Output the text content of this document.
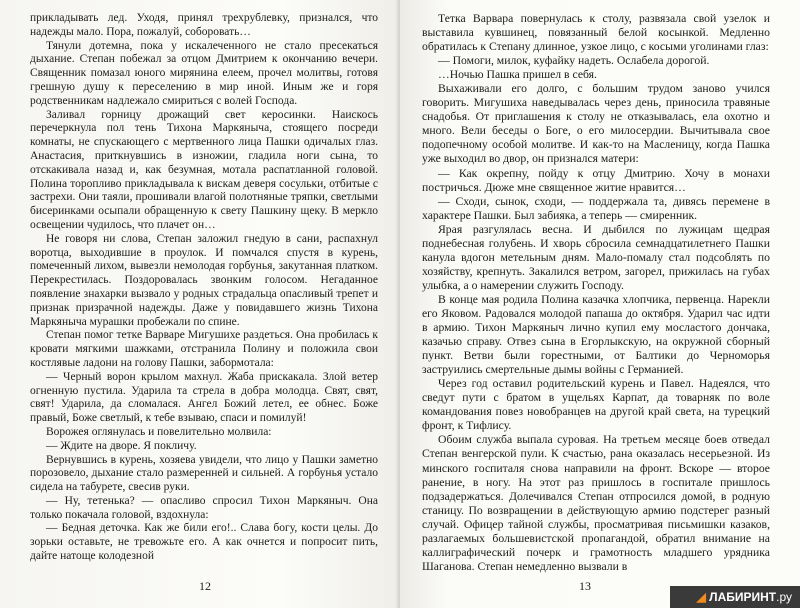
прикладывать лед. Уходя, принял трехрублевку, признался, что надежды мало. Пора, пожалуй, соборовать…

Тянули дотемна, пока у искалеченного не стало пресекаться дыхание. Степан побежал за отцом Дмитрием к окончанию вечери. Священник помазал юного мирянина елеем, прочел молитвы, готовя грешную душу к переселению в мир иной. Иным же и горя родственникам надлежало смириться с волей Господа.

Заливал горницу дрожащий свет керосинки. Наискось перечеркнула пол тень Тихона Маркяныча, стоящего посреди комнаты, не спускающего с мертвенного лица Пашки одичалых глаз. Анастасия, приткнувшись в изножии, гладила ноги сына, то отскакивала назад и, как безумная, мотала распатланной головой. Полина торопливо прикладывала к вискам деверя сосульки, отбитые с застрехи. Они таяли, прошивали влагой полотняные тряпки, светлыми бисеринками осыпали обращенную к свету Пашкину щеку. В меркло освещении чудилось, что плачет он…

Не говоря ни слова, Степан заложил гнедую в сани, распахнул воротца, выходившие в проулок. И помчался спустя в курень, помеченный лихом, вывезли немолодая горбунья, закутанная платком. Перекрестилась. Поздоровалась звонким голосом. Негаданное появление знахарки вызвало у родных страдальца опасливый трепет и признак призрачной надежды. Даже у повидавшего жизнь Тихона Маркяныча мурашки пробежали по спине.

Степан помог тетке Варваре Мигушихе раздеться. Она пробилась к кровати мягкими шажками, отстранила Полину и положила свои костлявые ладони на голову Пашки, забормотала:

— Черный ворон крылом махнул. Жаба прискакала. Злой ветер огненную пустила. Ударила та стрела в добра молодца. Свят, свят, свят! Ударила, да сломалася. Ангел Божий летел, ее обнес. Боже правый, Боже светлый, к тебе взываю, спаси и помилуй!

Ворожея оглянулась и повелительно молвила:

— Ждите на дворе. Я покличу.

Вернувшись в курень, хозяева увидели, что лицо у Пашки заметно порозовело, дыхание стало размеренней и сильней. А горбунья устало сидела на табурете, свесив руки.

— Ну, тетенька? — опасливо спросил Тихон Маркяныч. Она только покачала головой, вздохнула:

— Бедная деточка. Как же били его!.. Слава богу, кости целы. До зорьки оставьте, не тревожьте его. А как очнется и попросит пить, дайте натоще колодезной

12

Тетка Варвара повернулась к столу, развязала свой узелок и выставила кувшинец, повязанный белой косынкой. Медленно обратилась к Степану длинное, узкое лицо, с косыми уголинами глаз:

— Помоги, милок, куфайку надеть. Ослабела дорогой.

…Ночью Пашка пришел в себя.

Выхаживали его долго, с большим трудом заново учился говорить. Мигушиха наведывалась через день, приносила травяные снадобья. От приглашения к столу не отказывалась, ела охотно и много. Вели беседы о Боге, о его милосердии. Вычитывала свое подопечному особой молитве. И как-то на Масленицу, когда Пашка уже выходил во двор, он признался матери:

— Как окрепну, пойду к отцу Дмитрию. Хочу в монахи постричься. Дюже мне священное житие нравится…

— Сходи, сынок, сходи, — поддержала та, дивясь перемене в характере Пашки. Был забияка, а теперь — смиренник.

Ярая разгулялась весна. И дыбился по лужицам щедрая поднебесная голубень. И хворь сбросила семнадцатилетнего Пашки канула вдогон метельным дням. Мало-помалу стал подсоблять по хозяйству, крепнуть. Закалился ветром, загорел, прижилась на губах улыбка, а о намерении служить Господу.

В конце мая родила Полина казачка хлопчика, первенца. Нарекли его Яковом. Радовался молодой папаша до октября. Ударил час идти в армию. Тихон Маркяныч лично купил ему мосластого дончака, казачью справу. Отвез сына в Егорлыкскую, на окружной сборный пункт. Ветви были горестными, от Балтики до Черноморья заструились смертельные дымы войны с Германией.

Через год оставил родительский курень и Павел. Надеялся, что сведут пути с братом в ущельях Карпат, да товарняк по воле командования повез новобранцев на другой край света, на турецкий фронт, к Тифлису.

Обоим служба выпала суровая. На третьем месяце боев отведал Степан венгерской пули. К счастью, рана оказалась несерьезной. Из минского госпиталя снова направили на фронт. Вскоре — второе ранение, в ногу. На этот раз пришлось в госпитале пришлось подзадержаться. Долечивался Степан отпросился домой, в родную станицу. По возвращении в действующую армию подстерег разный случай. Офицер тайной службы, просматривая письмишки казаков, разлагаемых большевистской пропагандой, обратил внимание на каллиграфический почерк и грамотность младшего урядника Шаганова. Степан немедленно вызвали в

13
◢ ЛАБИРИНТ.ру
